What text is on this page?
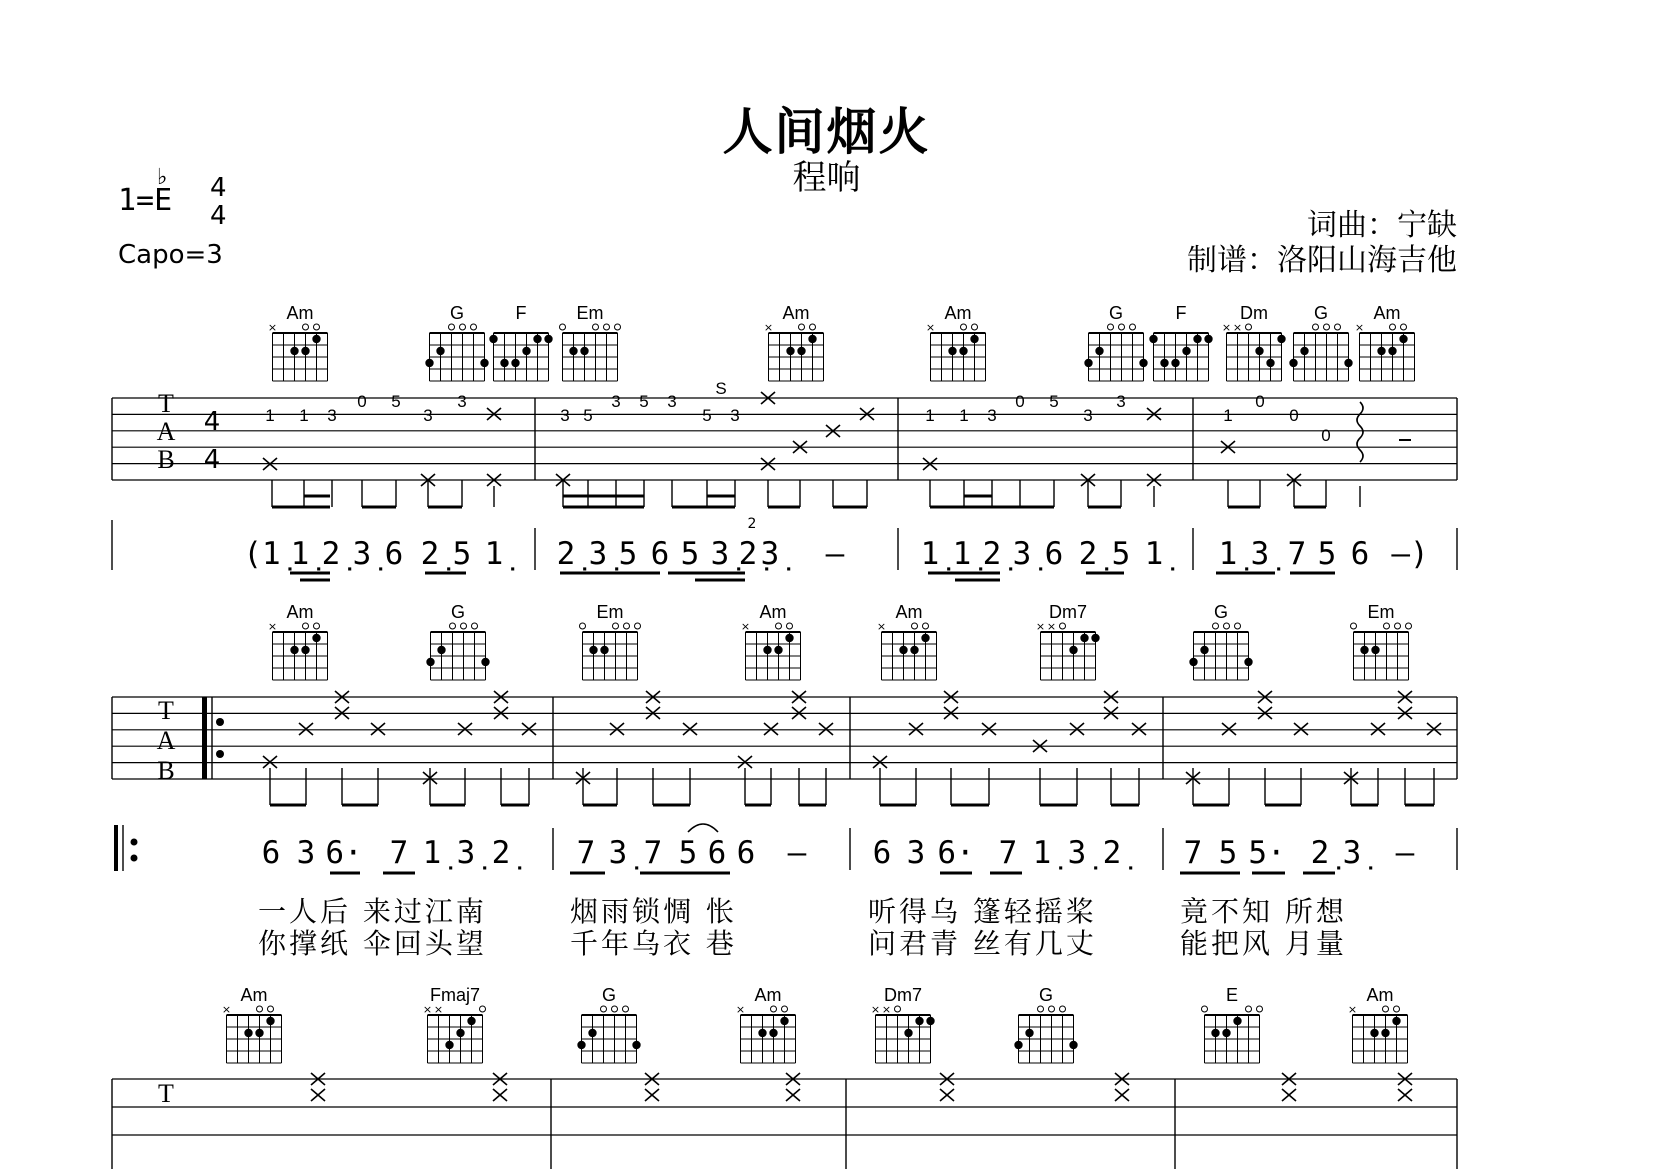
人间烟火
程响
1=E
♭ 4
4
Capo=3
词曲：宁缺
制谱：洛阳山海吉他
T
A
B
4
4
Am
×
G	F	Em	Am
×
Am
×
G	F	Dm
× ×
G	Am
×
1 1 3
0 5
3
3
3 5
3 5 3
5 3	1 1 3
0 5
3
3
1
0
0
0
S
(1̣ 1̣ 2̣ 3̣ 6 2̣ 5 1̣	2̣ 3̣ 5 6 5 3̣ 2̣ 3̣	– 1̣ 1̣ 2̣ 3̣ 6 2̣ 5 1̣	1̣ 3̣ 7 5 6 –)
2
T
A
B
Am
×
G	Em	Am
×
Am
×
Dm7
× ×
G	Em
6 3 6· 7 1̣ 3̣ 2̣	7 3̣ 7 5 6 6 – 6 3 6· 7 1̣ 3̣ 2̣	7 5 5· 2̣ 3̣	–
Am
×
Fmaj7
× ×
G	Am
×
Dm7
× ×
G	E	Am
×
T
一人后 来过江南	烟雨锁惆 怅	听得乌 篷轻摇桨	竟不知 所想
你撑纸 伞回头望	千年乌衣 巷	问君青 丝有几丈	能把风 月量
